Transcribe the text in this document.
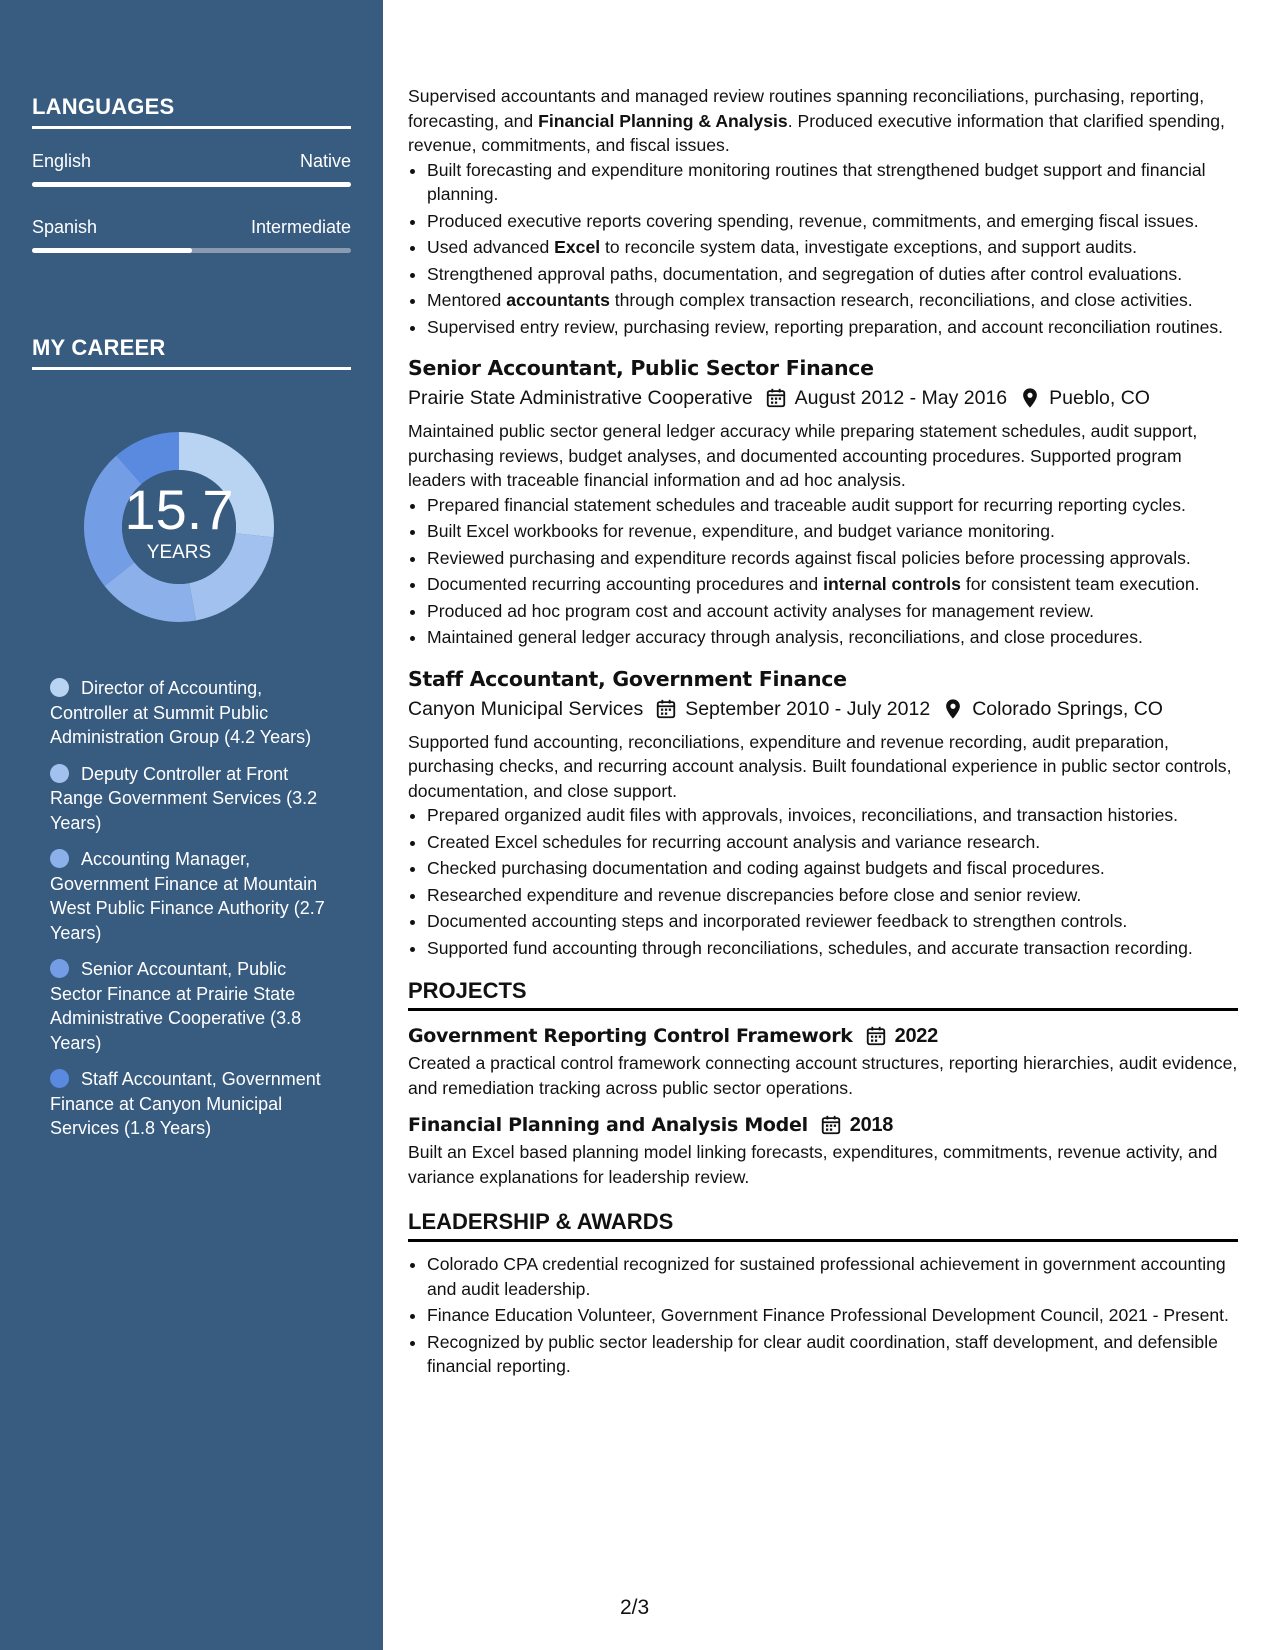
LANGUAGES
English	Native
Spanish	Intermediate
MY CAREER
15.7
YEARS
Director of Accounting, Controller at Summit Public Administration Group (4.2 Years)
Deputy Controller at Front Range Government Services (3.2 Years)
Accounting Manager, Government Finance at Mountain West Public Finance Authority (2.7 Years)
Senior Accountant, Public Sector Finance at Prairie State Administrative Cooperative (3.8 Years)
Staff Accountant, Government Finance at Canyon Municipal Services (1.8 Years)

Supervised accountants and managed review routines spanning reconciliations, purchasing, reporting, forecasting, and Financial Planning & Analysis. Produced executive information that clarified spending, revenue, commitments, and fiscal issues.

• Built forecasting and expenditure monitoring routines that strengthened budget support and financial planning.
• Produced executive reports covering spending, revenue, commitments, and emerging fiscal issues.
• Used advanced Excel to reconcile system data, investigate exceptions, and support audits.
• Strengthened approval paths, documentation, and segregation of duties after control evaluations.
• Mentored accountants through complex transaction research, reconciliations, and close activities.
• Supervised entry review, purchasing review, reporting preparation, and account reconciliation routines.
Senior Accountant, Public Sector Finance
Prairie State Administrative Cooperative August 2012 - May 2016 Pueblo, CO

Maintained public sector general ledger accuracy while preparing statement schedules, audit support, purchasing reviews, budget analyses, and documented accounting procedures. Supported program leaders with traceable financial information and ad hoc analysis.

• Prepared financial statement schedules and traceable audit support for recurring reporting cycles.
• Built Excel workbooks for revenue, expenditure, and budget variance monitoring.
• Reviewed purchasing and expenditure records against fiscal policies before processing approvals.
• Documented recurring accounting procedures and internal controls for consistent team execution.
• Produced ad hoc program cost and account activity analyses for management review.
• Maintained general ledger accuracy through analysis, reconciliations, and close procedures.
Staff Accountant, Government Finance
Canyon Municipal Services September 2010 - July 2012 Colorado Springs, CO

Supported fund accounting, reconciliations, expenditure and revenue recording, audit preparation, purchasing checks, and recurring account analysis. Built foundational experience in public sector controls, documentation, and close support.

• Prepared organized audit files with approvals, invoices, reconciliations, and transaction histories.
• Created Excel schedules for recurring account analysis and variance research.
• Checked purchasing documentation and coding against budgets and fiscal procedures.
• Researched expenditure and revenue discrepancies before close and senior review.
• Documented accounting steps and incorporated reviewer feedback to strengthen controls.
• Supported fund accounting through reconciliations, schedules, and accurate transaction recording.
PROJECTS
Government Reporting Control Framework 2022

Created a practical control framework connecting account structures, reporting hierarchies, audit evidence, and remediation tracking across public sector operations.

Financial Planning and Analysis Model 2018

Built an Excel based planning model linking forecasts, expenditures, commitments, revenue activity, and variance explanations for leadership review.

LEADERSHIP & AWARDS
• Colorado CPA credential recognized for sustained professional achievement in government accounting and audit leadership.
• Finance Education Volunteer, Government Finance Professional Development Council, 2021 - Present.
• Recognized by public sector leadership for clear audit coordination, staff development, and defensible financial reporting.
2/3
